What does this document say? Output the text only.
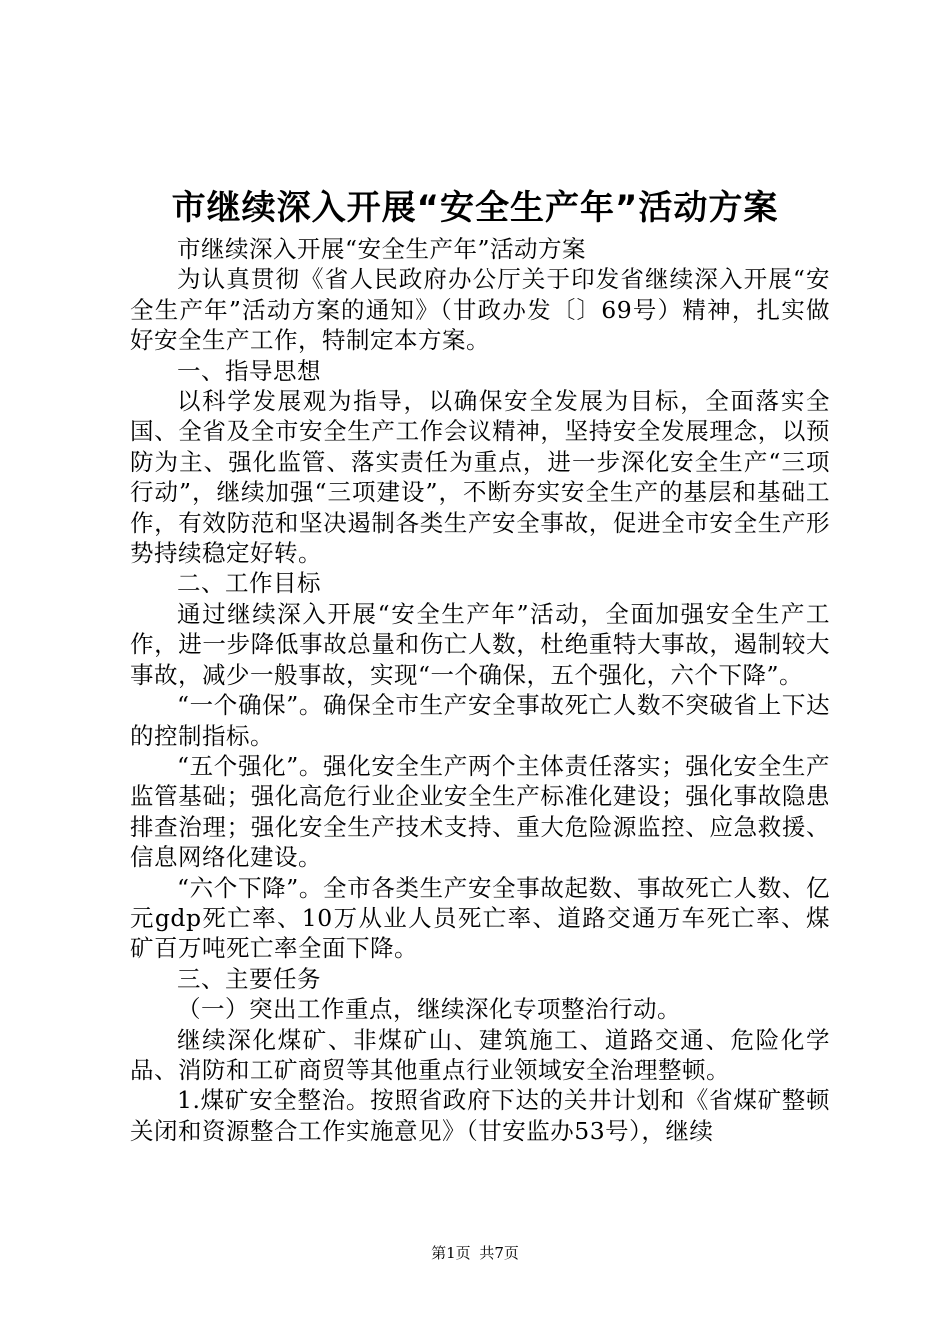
市继续深入开展“安全生产年”活动方案

市继续深入开展“安全生产年”活动方案

为认真贯彻《省人民政府办公厅关于印发省继续深入开展“安全生产年”活动方案的通知》（甘政办发〔〕69号）精神，扎实做好安全生产工作，特制定本方案。

一、指导思想

以科学发展观为指导，以确保安全发展为目标，全面落实全国、全省及全市安全生产工作会议精神，坚持安全发展理念，以预防为主、强化监管、落实责任为重点，进一步深化安全生产“三项行动”，继续加强“三项建设”，不断夯实安全生产的基层和基础工作，有效防范和坚决遏制各类生产安全事故，促进全市安全生产形势持续稳定好转。

二、工作目标

通过继续深入开展“安全生产年”活动，全面加强安全生产工作，进一步降低事故总量和伤亡人数，杜绝重特大事故，遏制较大事故，减少一般事故，实现“一个确保，五个强化，六个下降”。

“一个确保”。确保全市生产安全事故死亡人数不突破省上下达的控制指标。

“五个强化”。强化安全生产两个主体责任落实；强化安全生产监管基础；强化高危行业企业安全生产标准化建设；强化事故隐患排查治理；强化安全生产技术支持、重大危险源监控、应急救援、信息网络化建设。

“六个下降”。全市各类生产安全事故起数、事故死亡人数、亿元gdp死亡率、10万从业人员死亡率、道路交通万车死亡率、煤矿百万吨死亡率全面下降。

三、主要任务

（一）突出工作重点，继续深化专项整治行动。

继续深化煤矿、非煤矿山、建筑施工、道路交通、危险化学品、消防和工矿商贸等其他重点行业领域安全治理整顿。

1.煤矿安全整治。按照省政府下达的关井计划和《省煤矿整顿关闭和资源整合工作实施意见》（甘安监办53号），继续

第1页 共7页
